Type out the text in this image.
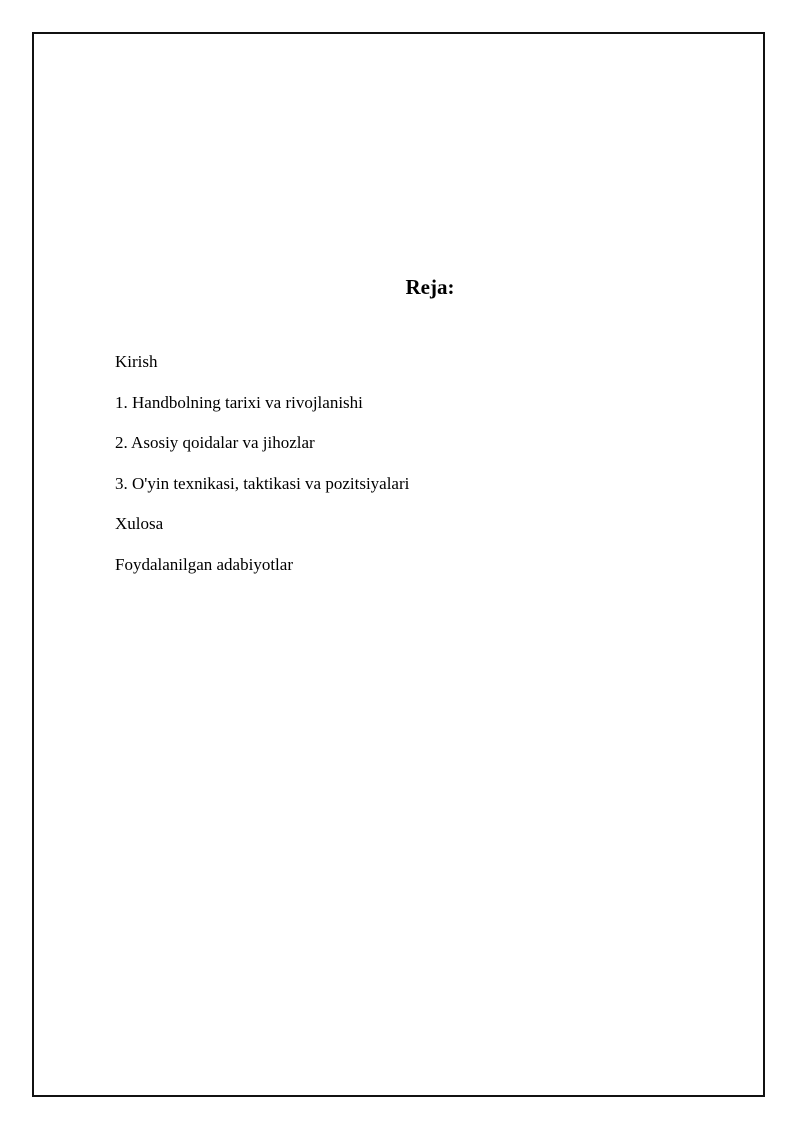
Reja:
Kirish
1. Handbolning tarixi va rivojlanishi
2. Asosiy qoidalar va jihozlar
3. O'yin texnikasi, taktikasi va pozitsiyalari
Xulosa
Foydalanilgan adabiyotlar
